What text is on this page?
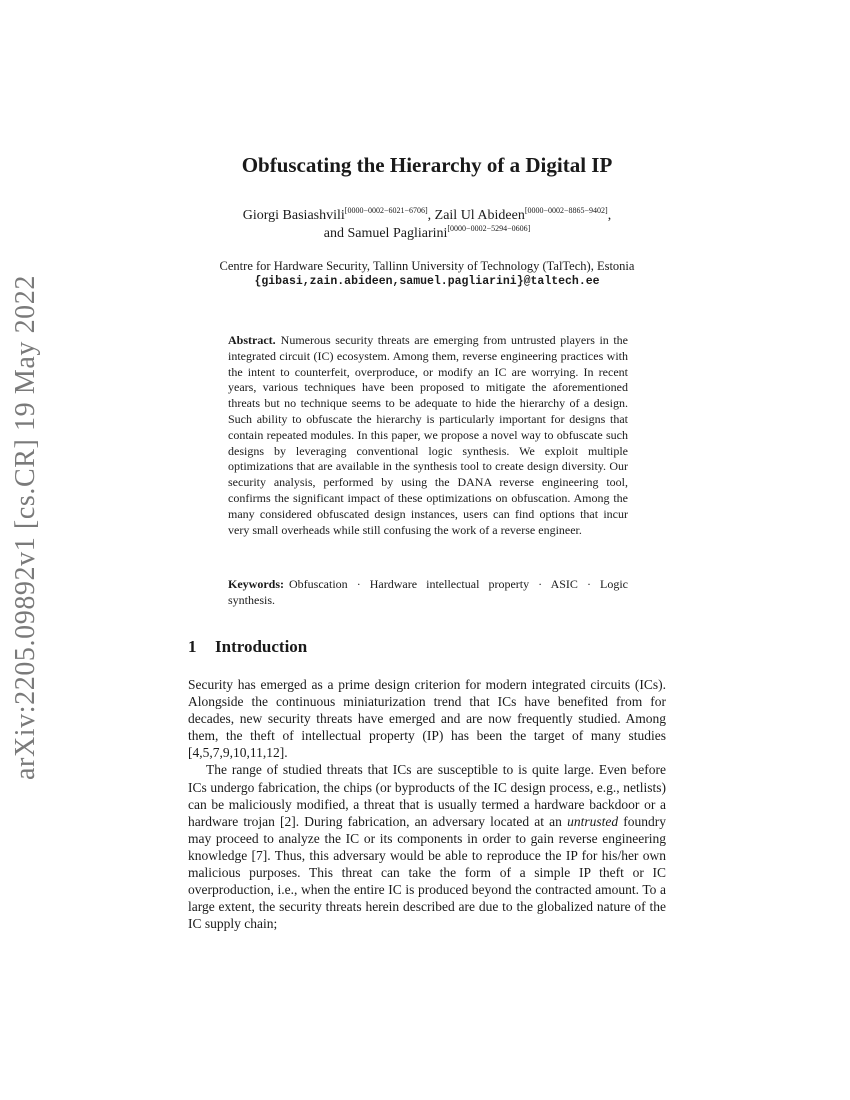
arXiv:2205.09892v1 [cs.CR] 19 May 2022
Obfuscating the Hierarchy of a Digital IP
Giorgi Basiashvili[0000−0002−6021−6706], Zail Ul Abideen[0000−0002−8865−9402],
and Samuel Pagliarini[0000−0002−5294−0606]
Centre for Hardware Security, Tallinn University of Technology (TalTech), Estonia
{gibasi,zain.abideen,samuel.pagliarini}@taltech.ee

Abstract. Numerous security threats are emerging from untrusted players in the integrated circuit (IC) ecosystem. Among them, reverse engineering practices with the intent to counterfeit, overproduce, or modify an IC are worrying. In recent years, various techniques have been proposed to mitigate the aforementioned threats but no technique seems to be adequate to hide the hierarchy of a design. Such ability to obfuscate the hierarchy is particularly important for designs that contain repeated modules. In this paper, we propose a novel way to obfuscate such designs by leveraging conventional logic synthesis. We exploit multiple optimizations that are available in the synthesis tool to create design diversity. Our security analysis, performed by using the DANA reverse engineering tool, confirms the significant impact of these optimizations on obfuscation. Among the many considered obfuscated design instances, users can find options that incur very small overheads while still confusing the work of a reverse engineer.

Keywords: Obfuscation · Hardware intellectual property · ASIC · Logic synthesis.

1 Introduction

Security has emerged as a prime design criterion for modern integrated circuits (ICs). Alongside the continuous miniaturization trend that ICs have benefited from for decades, new security threats have emerged and are now frequently studied. Among them, the theft of intellectual property (IP) has been the target of many studies [4,5,7,9,10,11,12].

The range of studied threats that ICs are susceptible to is quite large. Even before ICs undergo fabrication, the chips (or byproducts of the IC design process, e.g., netlists) can be maliciously modified, a threat that is usually termed a hardware backdoor or a hardware trojan [2]. During fabrication, an adversary located at an untrusted foundry may proceed to analyze the IC or its components in order to gain reverse engineering knowledge [7]. Thus, this adversary would be able to reproduce the IP for his/her own malicious purposes. This threat can take the form of a simple IP theft or IC overproduction, i.e., when the entire IC is produced beyond the contracted amount. To a large extent, the security threats herein described are due to the globalized nature of the IC supply chain;
